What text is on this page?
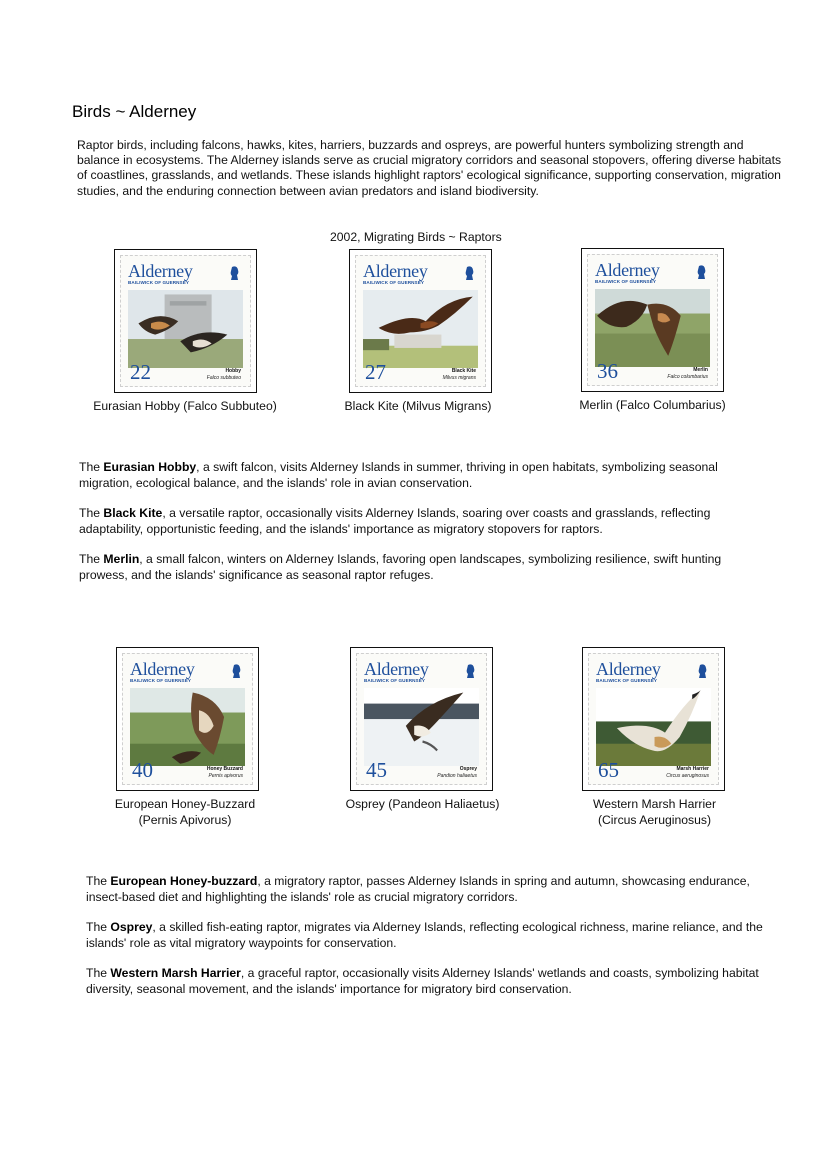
Birds ~ Alderney
Raptor birds, including falcons, hawks, kites, harriers, buzzards and ospreys, are powerful hunters symbolizing strength and balance in ecosystems. The Alderney islands serve as crucial migratory corridors and seasonal stopovers, offering diverse habitats of coastlines, grasslands, and wetlands. These islands highlight raptors' ecological significance, supporting conservation, migration studies, and the enduring connection between avian predators and island biodiversity.
2002, Migrating Birds ~ Raptors
Alderney
BAILIWICK OF GUERNSEY
22	Hobby
Falco subbuteo
Eurasian Hobby (Falco Subbuteo)
Alderney
BAILIWICK OF GUERNSEY
27	Black Kite
Milvus migrans
Black Kite (Milvus Migrans)
Alderney
BAILIWICK OF GUERNSEY
36	Merlin
Falco columbarius
Merlin (Falco Columbarius)
The Eurasian Hobby, a swift falcon, visits Alderney Islands in summer, thriving in open habitats, symbolizing seasonal migration, ecological balance, and the islands' role in avian conservation.
The Black Kite, a versatile raptor, occasionally visits Alderney Islands, soaring over coasts and grasslands, reflecting adaptability, opportunistic feeding, and the islands' importance as migratory stopovers for raptors.
The Merlin, a small falcon, winters on Alderney Islands, favoring open landscapes, symbolizing resilience, swift hunting prowess, and the islands' significance as seasonal raptor refuges.
Alderney
BAILIWICK OF GUERNSEY
40	Honey Buzzard
Pernis apivorus
European Honey-Buzzard
(Pernis Apivorus)
Alderney
BAILIWICK OF GUERNSEY
45	Osprey
Pandion haliaetus
Osprey (Pandeon Haliaetus)
Alderney
BAILIWICK OF GUERNSEY
65	Marsh Harrier
Circus aeruginosus
Western Marsh Harrier
(Circus Aeruginosus)
The European Honey-buzzard, a migratory raptor, passes Alderney Islands in spring and autumn, showcasing endurance, insect-based diet and highlighting the islands' role as crucial migratory corridors.
The Osprey, a skilled fish-eating raptor, migrates via Alderney Islands, reflecting ecological richness, marine reliance, and the islands' role as vital migratory waypoints for conservation.
The Western Marsh Harrier, a graceful raptor, occasionally visits Alderney Islands' wetlands and coasts, symbolizing habitat diversity, seasonal movement, and the islands' importance for migratory bird conservation.
